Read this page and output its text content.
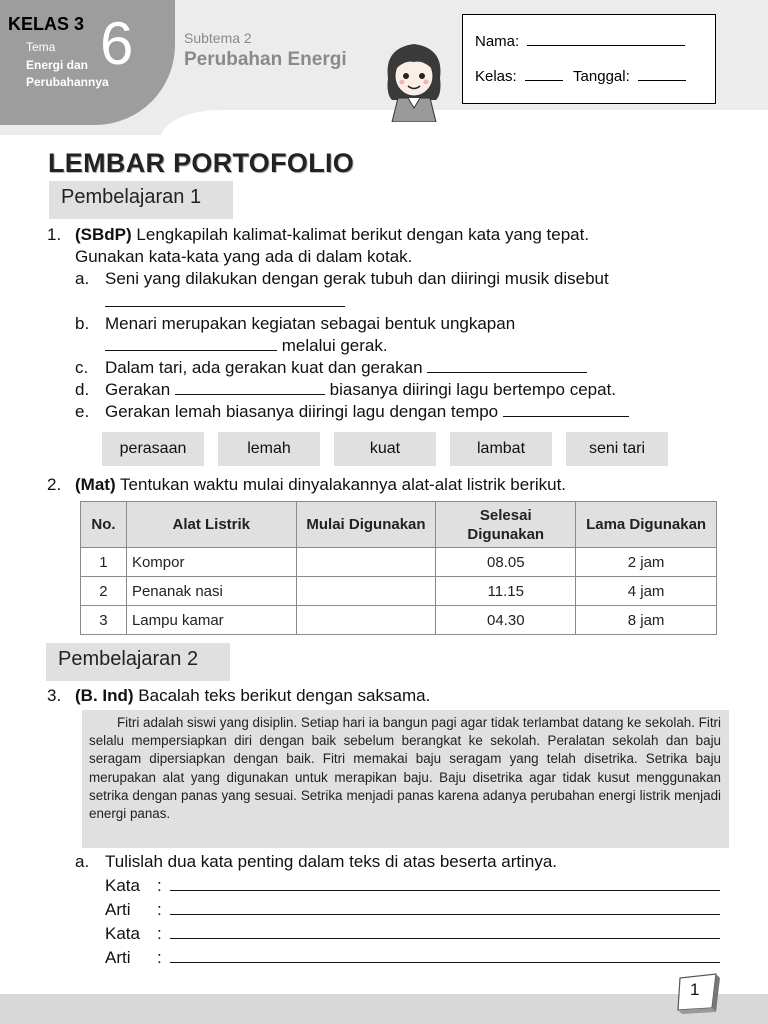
KELAS 3
Tema
Energi dan Perubahannya
6	Subtema 2
Perubahan Energi
Nama:
Kelas:	Tanggal:
LEMBAR PORTOFOLIO
Pembelajaran 1
1. (SBdP) Lengkapilah kalimat-kalimat berikut dengan kata yang tepat.
Gunakan kata-kata yang ada di dalam kotak.
a. Seni yang dilakukan dengan gerak tubuh dan diiringi musik disebut
b. Menari merupakan kegiatan sebagai bentuk ungkapan
melalui gerak.
c. Dalam tari, ada gerakan kuat dan gerakan
d. Gerakan	biasanya diiringi lagu bertempo cepat.
e. Gerakan lemah biasanya diiringi lagu dengan tempo
perasaan	lemah	kuat	lambat	seni tari
2. (Mat) Tentukan waktu mulai dinyalakannya alat-alat listrik berikut.
No.	Alat Listrik	Mulai Digunakan	Selesai Digunakan	Lama Digunakan
1	Kompor		08.05	2 jam
2	Penanak nasi		11.15	4 jam
3	Lampu kamar		04.30	8 jam
Pembelajaran 2
3. (B. Ind) Bacalah teks berikut dengan saksama.

Fitri adalah siswi yang disiplin. Setiap hari ia bangun pagi agar tidak terlambat datang ke sekolah. Fitri selalu mempersiapkan diri dengan baik sebelum berangkat ke sekolah. Peralatan sekolah dan baju seragam dipersiapkan dengan baik. Fitri memakai baju seragam yang telah disetrika. Setrika baju merupakan alat yang digunakan untuk merapikan baju. Baju disetrika agar tidak kusut menggunakan setrika dengan panas yang sesuai. Setrika menjadi panas karena adanya perubahan energi listrik menjadi energi panas.

a. Tulislah dua kata penting dalam teks di atas beserta artinya.
Kata :
Arti :
Kata :
Arti :
1
